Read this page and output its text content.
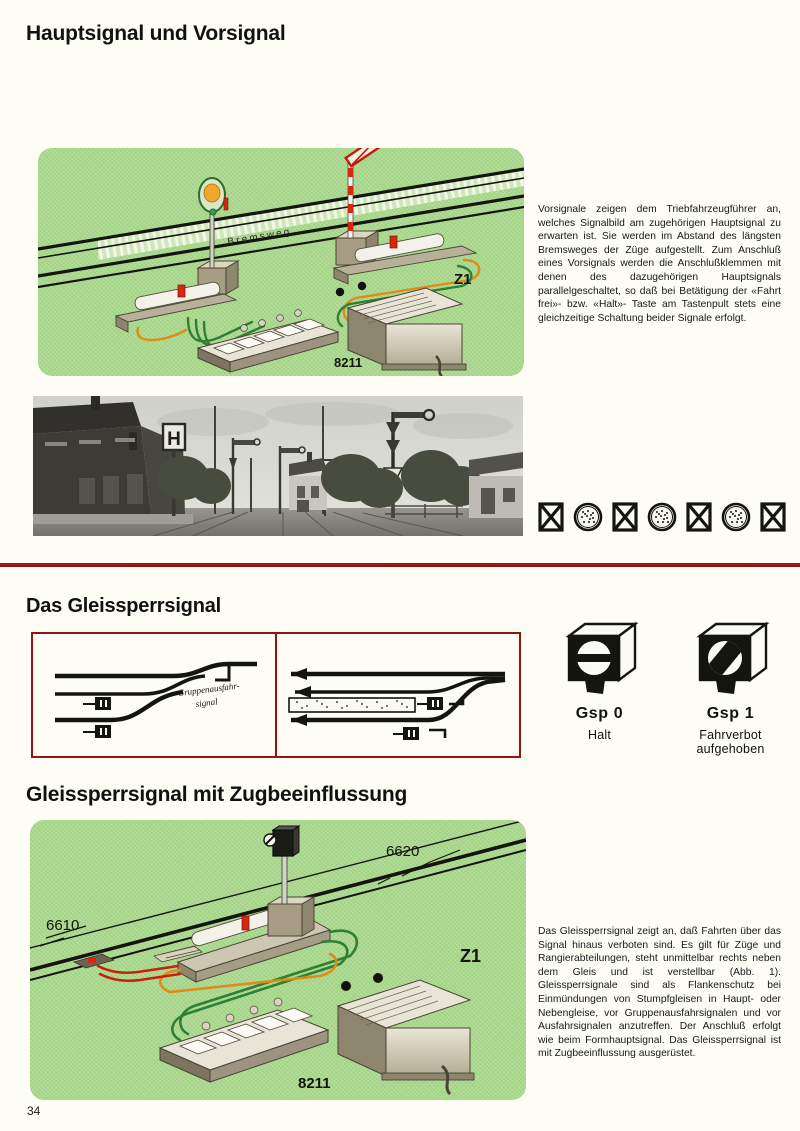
Hauptsignal und Vorsignal
Bremsweg
8211
Z1
Vorsignale zeigen dem Triebfahrzeugführer an, welches Signalbild am zugehörigen Hauptsignal zu erwarten ist. Sie werden im Abstand des längsten Bremsweges der Züge aufgestellt. Zum Anschluß eines Vorsignals werden die Anschlußklemmen mit denen des dazugehörigen Hauptsignals parallelgeschaltet, so daß bei Betätigung der «Fahrt frei»- bzw. «Halt»- Taste am Tastenpult stets eine gleichzeitige Schaltung beider Signale erfolgt.
H
Das Gleissperrsignal
Gruppenausfahr-
signal
Gsp 0
Halt
Gsp 1
Fahrverbot aufgehoben
Gleissperrsignal mit Zugbeeinflussung
6620
6610
8211
Z1
Das Gleissperrsignal zeigt an, daß Fahrten über das Signal hinaus verboten sind. Es gilt für Züge und Rangierabteilungen, steht unmittelbar rechts neben dem Gleis und ist verstellbar (Abb. 1). Gleissperrsignale sind als Flankenschutz bei Einmündungen von Stumpfgleisen in Haupt- oder Nebengleise, vor Gruppenausfahrsignalen und vor Ausfahrsignalen anzutreffen. Der Anschluß erfolgt wie beim Formhauptsignal. Das Gleissperrsignal ist mit Zugbeeinflussung ausgerüstet.
34
